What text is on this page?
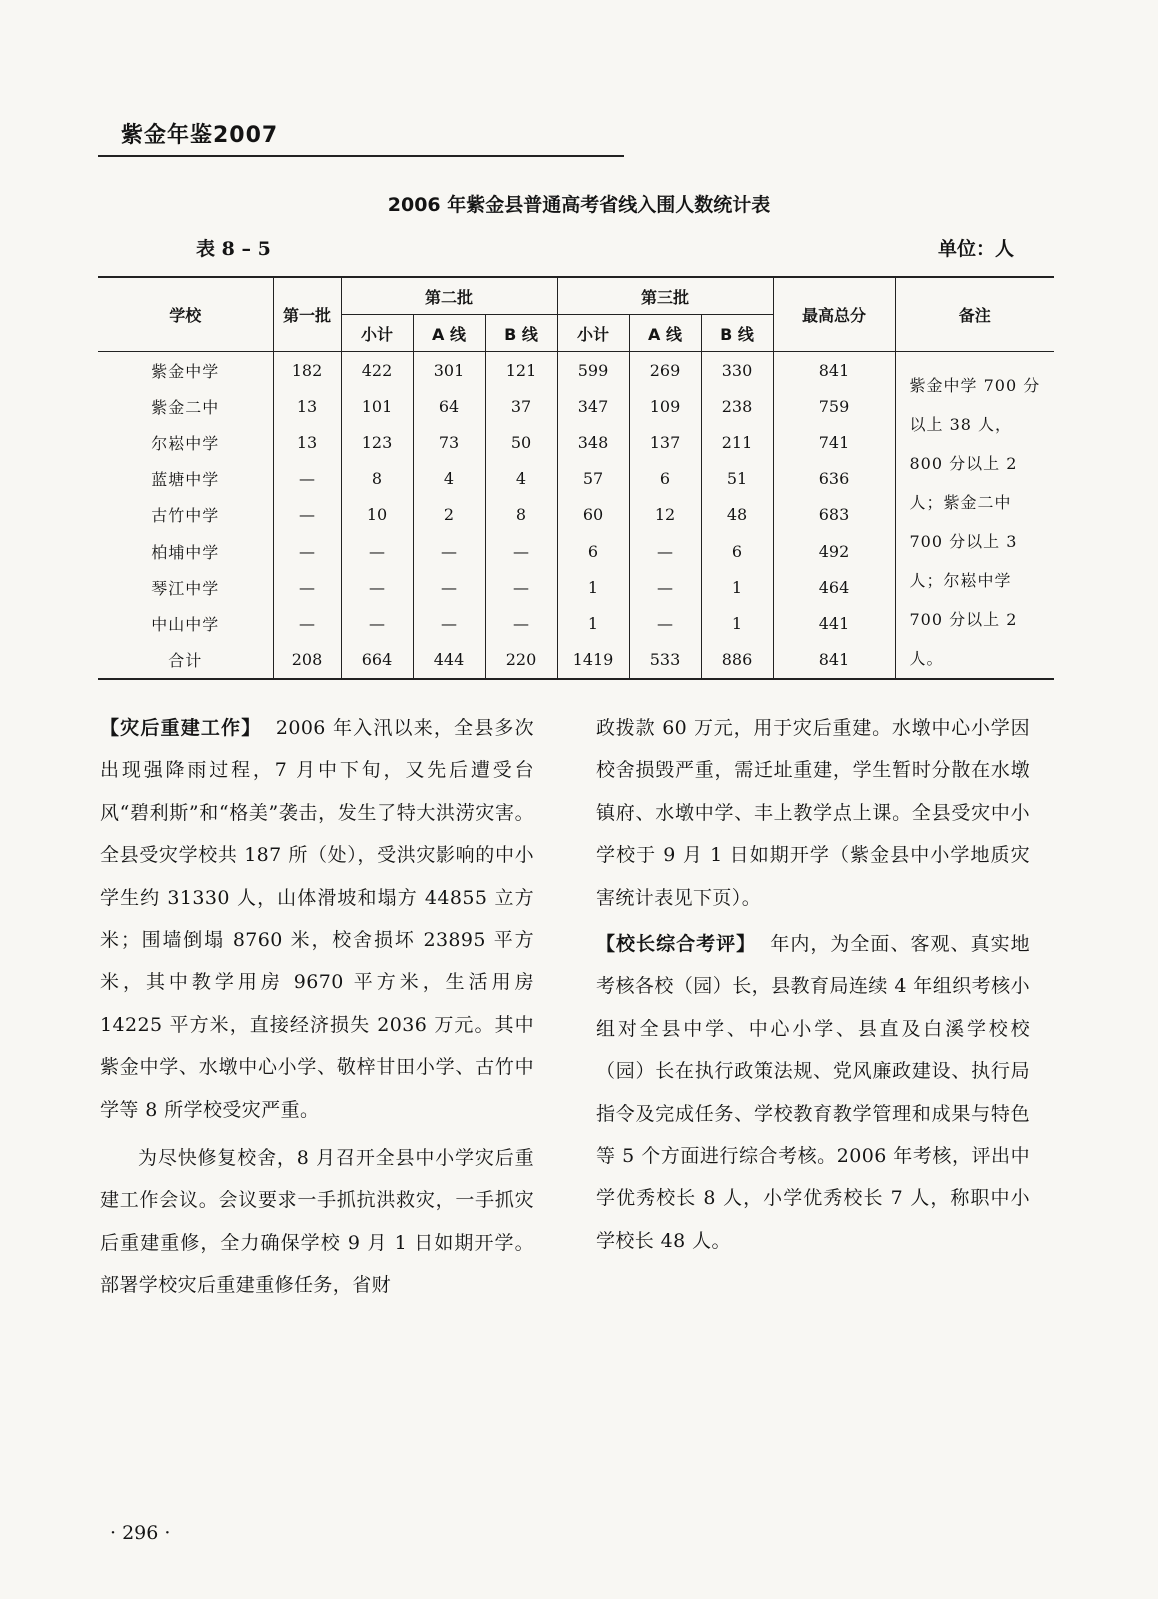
紫金年鉴2007
2006 年紫金县普通高考省线入围人数统计表
表 8 – 5	单位：人
学校	第一批	第二批			第三批			最高总分	备注
		小计	A 线	B 线	小计	A 线	B 线		
紫金中学	182	422	301	121	599	269	330	841	紫金中学 700 分以上 38 人，800 分以上 2 人；紫金二中 700 分以上 3 人；尔崧中学 700 分以上 2 人。
紫金二中	13	101	64	37	347	109	238	759	
尔崧中学	13	123	73	50	348	137	211	741	
蓝塘中学	—	8	4	4	57	6	51	636	
古竹中学	—	10	2	8	60	12	48	683	
柏埔中学	—	—	—	—	6	—	6	492	
琴江中学	—	—	—	—	1	—	1	464	
中山中学	—	—	—	—	1	—	1	441	
合计	208	664	444	220	1419	533	886	841	

【灾后重建工作】 2006 年入汛以来，全县多次出现强降雨过程，7 月中下旬，又先后遭受台风“碧利斯”和“格美”袭击，发生了特大洪涝灾害。全县受灾学校共 187 所（处），受洪灾影响的中小学生约 31330 人，山体滑坡和塌方 44855 立方米；围墙倒塌 8760 米，校舍损坏 23895 平方米，其中教学用房 9670 平方米，生活用房 14225 平方米，直接经济损失 2036 万元。其中紫金中学、水墩中心小学、敬梓甘田小学、古竹中学等 8 所学校受灾严重。

为尽快修复校舍，8 月召开全县中小学灾后重建工作会议。会议要求一手抓抗洪救灾，一手抓灾后重建重修，全力确保学校 9 月 1 日如期开学。部署学校灾后重建重修任务，省财

政拨款 60 万元，用于灾后重建。水墩中心小学因校舍损毁严重，需迁址重建，学生暂时分散在水墩镇府、水墩中学、丰上教学点上课。全县受灾中小学校于 9 月 1 日如期开学（紫金县中小学地质灾害统计表见下页）。

【校长综合考评】 年内，为全面、客观、真实地考核各校（园）长，县教育局连续 4 年组织考核小组对全县中学、中心小学、县直及白溪学校校（园）长在执行政策法规、党风廉政建设、执行局指令及完成任务、学校教育教学管理和成果与特色等 5 个方面进行综合考核。2006 年考核，评出中学优秀校长 8 人，小学优秀校长 7 人，称职中小学校长 48 人。

· 296 ·
